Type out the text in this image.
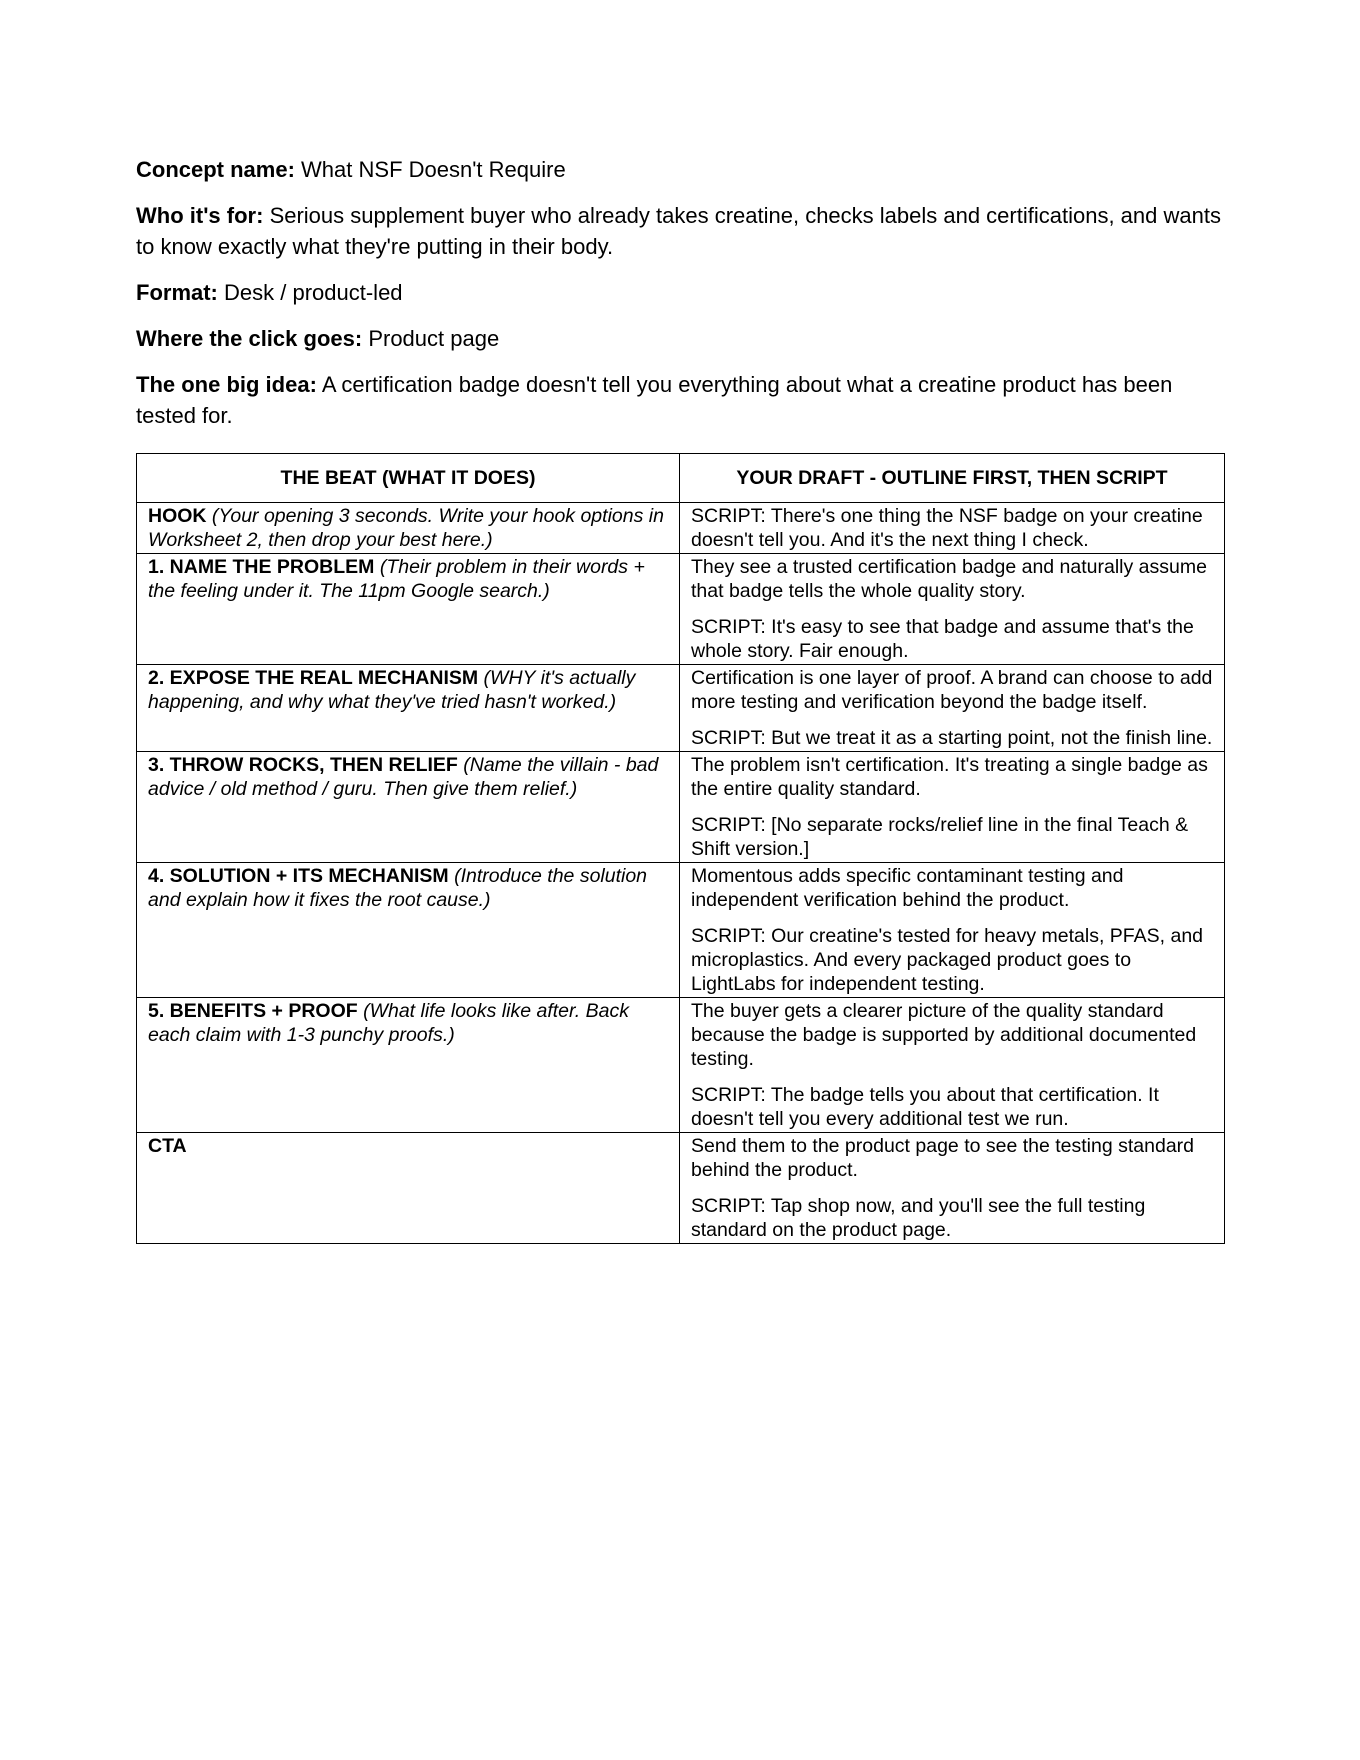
Concept name: What NSF Doesn't Require

Who it's for: Serious supplement buyer who already takes creatine, checks labels and certifications, and wants to know exactly what they're putting in their body.

Format: Desk / product-led

Where the click goes: Product page

The one big idea: A certification badge doesn't tell you everything about what a creatine product has been tested for.

THE BEAT (WHAT IT DOES)	YOUR DRAFT - OUTLINE FIRST, THEN SCRIPT
HOOK (Your opening 3 seconds. Write your hook options in Worksheet 2, then drop your best here.)	SCRIPT: There's one thing the NSF badge on your creatine doesn't tell you. And it's the next thing I check.

1. NAME THE PROBLEM (Their problem in their words + the feeling under it. The 11pm Google search.)	They see a trusted certification badge and naturally assume that badge tells the whole quality story.

SCRIPT: It's easy to see that badge and assume that's the whole story. Fair enough.

2. EXPOSE THE REAL MECHANISM (WHY it's actually happening, and why what they've tried hasn't worked.)	Certification is one layer of proof. A brand can choose to add more testing and verification beyond the badge itself.

SCRIPT: But we treat it as a starting point, not the finish line.

3. THROW ROCKS, THEN RELIEF (Name the villain - bad advice / old method / guru. Then give them relief.)	The problem isn't certification. It's treating a single badge as the entire quality standard.

SCRIPT: [No separate rocks/relief line in the final Teach & Shift version.]

4. SOLUTION + ITS MECHANISM (Introduce the solution and explain how it fixes the root cause.)	Momentous adds specific contaminant testing and independent verification behind the product.

SCRIPT: Our creatine's tested for heavy metals, PFAS, and microplastics. And every packaged product goes to LightLabs for independent testing.

5. BENEFITS + PROOF (What life looks like after. Back each claim with 1-3 punchy proofs.)	The buyer gets a clearer picture of the quality standard because the badge is supported by additional documented testing.

SCRIPT: The badge tells you about that certification. It doesn't tell you every additional test we run.

CTA	Send them to the product page to see the testing standard behind the product.

SCRIPT: Tap shop now, and you'll see the full testing standard on the product page.
